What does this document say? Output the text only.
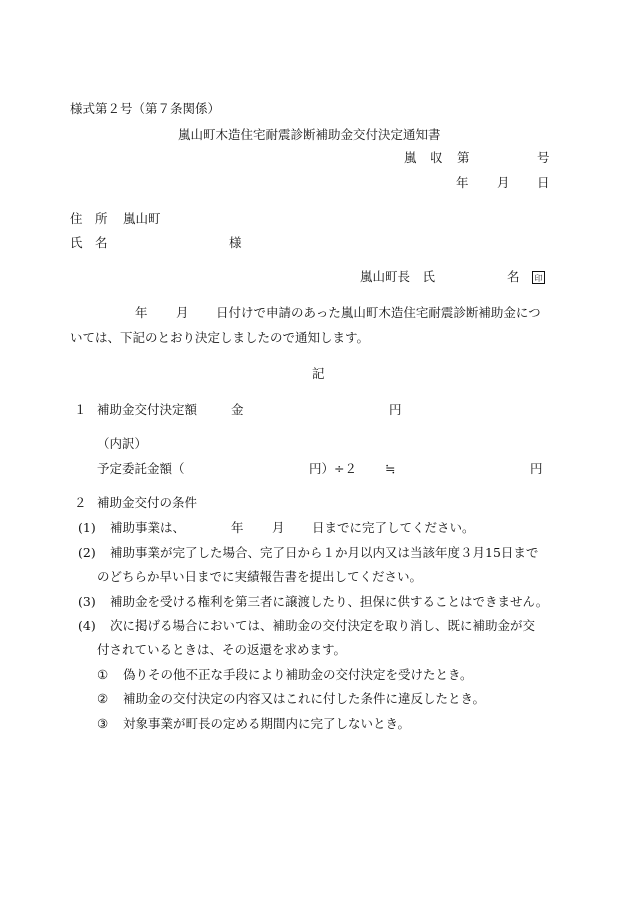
様式第２号（第７条関係）
嵐山町木造住宅耐震診断補助金交付決定通知書
嵐 収 第	号
年 月 日
住　所 嵐山町
氏　名	様
嵐山町長　氏	名	印
年 月 日付けで申請のあった嵐山町木造住宅耐震診断補助金につ
いては、下記のとおり決定しましたので通知します。
記
１ 補助金交付決定額	金	円
（内訳）
予定委託金額（	円）÷２ ≒	円
２ 補助金交付の条件
(1) 補助事業は、	年 月 日までに完了してください。
(2) 補助事業が完了した場合、完了日から１か月以内又は当該年度３月15日まで
のどちらか早い日までに実績報告書を提出してください。
(3) 補助金を受ける権利を第三者に譲渡したり、担保に供することはできません。
(4) 次に掲げる場合においては、補助金の交付決定を取り消し、既に補助金が交
付されているときは、その返還を求めます。
① 偽りその他不正な手段により補助金の交付決定を受けたとき。
② 補助金の交付決定の内容又はこれに付した条件に違反したとき。
③ 対象事業が町長の定める期間内に完了しないとき。
